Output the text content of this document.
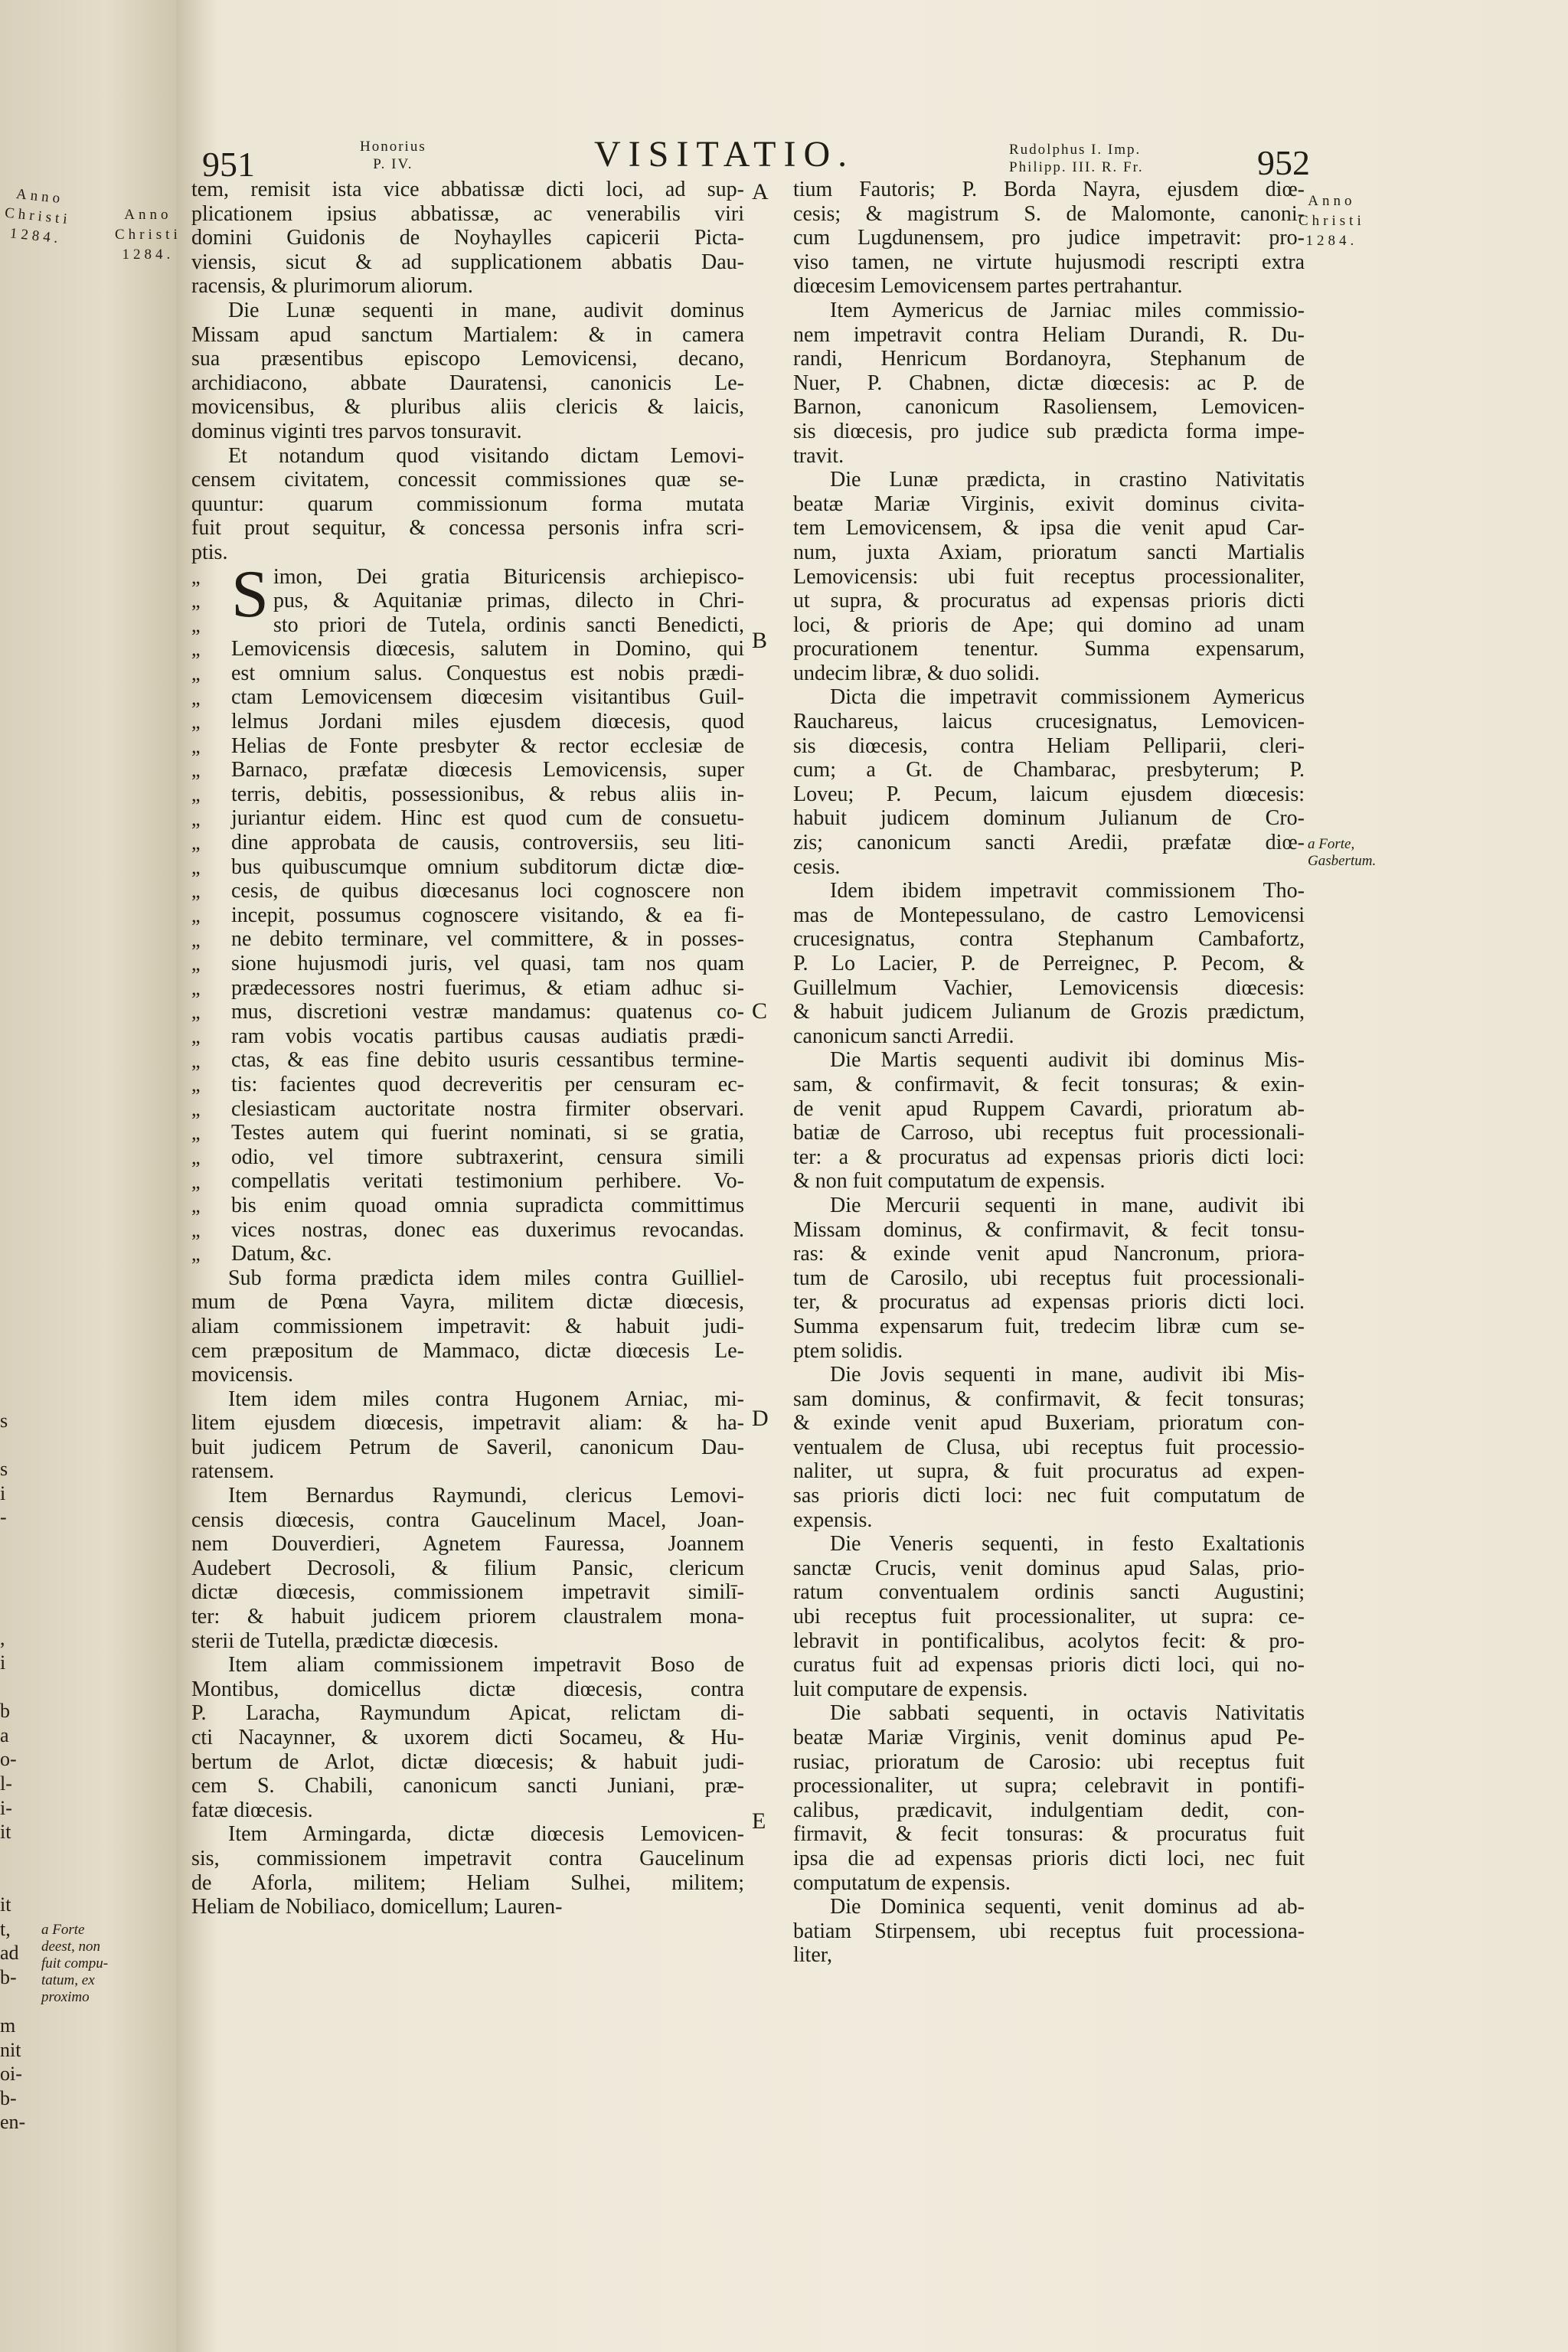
Anno
Christi
1284.
s
s
i
-
,
i
b
a
o-
l-
i-
it
it
t,
ad
b-
m
nit
oi-
b-
en-
a Forte
deest, non
fuit compu-
tatum, ex
proximo
951	Honorius
P. IV.	VISITATIO.	Rudolphus I. Imp.
Philipp. III. R. Fr.	952
Anno
Christi
1284.
Anno
Christi
1284.
A
B
C
D
E
a Forte,
Gasbertum.

tem, remisit ista vice abbatissæ dicti loci, ad sup-
plicationem ipsius abbatissæ, ac venerabilis viri
domini Guidonis de Noyhaylles capicerii Picta-
viensis, sicut & ad supplicationem abbatis Dau-
racensis, & plurimorum aliorum.

Die Lunæ sequenti in mane, audivit dominus
Missam apud sanctum Martialem: & in camera
sua præsentibus episcopo Lemovicensi, decano,
archidiacono, abbate Dauratensi, canonicis Le-
movicensibus, & pluribus aliis clericis & laicis,
dominus viginti tres parvos tonsuravit.

Et notandum quod visitando dictam Lemovi-
censem civitatem, concessit commissiones quæ se-
quuntur: quarum commissionum forma mutata
fuit prout sequitur, & concessa personis infra scri-
ptis.

„
„
„
„
„
„
„
„
„
„
„
„
„
„
„
„
„
„
„
„
„
„
„
„
„
„
„
„
„
S imon, Dei gratia Bituricensis archiepisco-
pus, & Aquitaniæ primas, dilecto in Chri-
sto priori de Tutela, ordinis sancti Benedicti,
Lemovicensis diœcesis, salutem in Domino, qui
est omnium salus. Conquestus est nobis prædi-
ctam Lemovicensem diœcesim visitantibus Guil-
lelmus Jordani miles ejusdem diœcesis, quod
Helias de Fonte presbyter & rector ecclesiæ de
Barnaco, præfatæ diœcesis Lemovicensis, super
terris, debitis, possessionibus, & rebus aliis in-
juriantur eidem. Hinc est quod cum de consuetu-
dine approbata de causis, controversiis, seu liti-
bus quibuscumque omnium subditorum dictæ diœ-
cesis, de quibus diœcesanus loci cognoscere non
incepit, possumus cognoscere visitando, & ea fi-
ne debito terminare, vel committere, & in posses-
sione hujusmodi juris, vel quasi, tam nos quam
prædecessores nostri fuerimus, & etiam adhuc si-
mus, discretioni vestræ mandamus: quatenus co-
ram vobis vocatis partibus causas audiatis prædi-
ctas, & eas fine debito usuris cessantibus termine-
tis: facientes quod decreveritis per censuram ec-
clesiasticam auctoritate nostra firmiter observari.
Testes autem qui fuerint nominati, si se gratia,
odio, vel timore subtraxerint, censura simili
compellatis veritati testimonium perhibere. Vo-
bis enim quoad omnia supradicta committimus
vices nostras, donec eas duxerimus revocandas.
Datum, &c.

Sub forma prædicta idem miles contra Guilliel-
mum de Pœna Vayra, militem dictæ diœcesis,
aliam commissionem impetravit: & habuit judi-
cem præpositum de Mammaco, dictæ diœcesis Le-
movicensis.

Item idem miles contra Hugonem Arniac, mi-
litem ejusdem diœcesis, impetravit aliam: & ha-
buit judicem Petrum de Saveril, canonicum Dau-
ratensem.

Item Bernardus Raymundi, clericus Lemovi-
censis diœcesis, contra Gaucelinum Macel, Joan-
nem Douverdieri, Agnetem Fauressa, Joannem
Audebert Decrosoli, & filium Pansic, clericum
dictæ diœcesis, commissionem impetravit similī-
ter: & habuit judicem priorem claustralem mona-
sterii de Tutella, prædictæ diœcesis.

Item aliam commissionem impetravit Boso de
Montibus, domicellus dictæ diœcesis, contra
P. Laracha, Raymundum Apicat, relictam di-
cti Nacaynner, & uxorem dicti Socameu, & Hu-
bertum de Arlot, dictæ diœcesis; & habuit judi-
cem S. Chabili, canonicum sancti Juniani, præ-
fatæ diœcesis.

Item Armingarda, dictæ diœcesis Lemovicen-
sis, commissionem impetravit contra Gaucelinum
de Aforla, militem; Heliam Sulhei, militem;
Heliam de Nobiliaco, domicellum; Lauren-

tium Fautoris; P. Borda Nayra, ejusdem diœ-
cesis; & magistrum S. de Malomonte, canoni-
cum Lugdunensem, pro judice impetravit: pro-
viso tamen, ne virtute hujusmodi rescripti extra
diœcesim Lemovicensem partes pertrahantur.

Item Aymericus de Jarniac miles commissio-
nem impetravit contra Heliam Durandi, R. Du-
randi, Henricum Bordanoyra, Stephanum de
Nuer, P. Chabnen, dictæ diœcesis: ac P. de
Barnon, canonicum Rasoliensem, Lemovicen-
sis diœcesis, pro judice sub prædicta forma impe-
travit.

Die Lunæ prædicta, in crastino Nativitatis
beatæ Mariæ Virginis, exivit dominus civita-
tem Lemovicensem, & ipsa die venit apud Car-
num, juxta Axiam, prioratum sancti Martialis
Lemovicensis: ubi fuit receptus processionaliter,
ut supra, & procuratus ad expensas prioris dicti
loci, & prioris de Ape; qui domino ad unam
procurationem tenentur. Summa expensarum,
undecim libræ, & duo solidi.

Dicta die impetravit commissionem Aymericus
Rauchareus, laicus crucesignatus, Lemovicen-
sis diœcesis, contra Heliam Pelliparii, cleri-
cum; a Gt. de Chambarac, presbyterum; P.
Loveu; P. Pecum, laicum ejusdem diœcesis:
habuit judicem dominum Julianum de Cro-
zis; canonicum sancti Aredii, præfatæ diœ-
cesis.

Idem ibidem impetravit commissionem Tho-
mas de Montepessulano, de castro Lemovicensi
crucesignatus, contra Stephanum Cambafortz,
P. Lo Lacier, P. de Perreignec, P. Pecom, &
Guillelmum Vachier, Lemovicensis diœcesis:
& habuit judicem Julianum de Grozis prædictum,
canonicum sancti Arredii.

Die Martis sequenti audivit ibi dominus Mis-
sam, & confirmavit, & fecit tonsuras; & exin-
de venit apud Ruppem Cavardi, prioratum ab-
batiæ de Carroso, ubi receptus fuit processionali-
ter: a & procuratus ad expensas prioris dicti loci:
& non fuit computatum de expensis.

Die Mercurii sequenti in mane, audivit ibi
Missam dominus, & confirmavit, & fecit tonsu-
ras: & exinde venit apud Nancronum, priora-
tum de Carosilo, ubi receptus fuit processionali-
ter, & procuratus ad expensas prioris dicti loci.
Summa expensarum fuit, tredecim libræ cum se-
ptem solidis.

Die Jovis sequenti in mane, audivit ibi Mis-
sam dominus, & confirmavit, & fecit tonsuras;
& exinde venit apud Buxeriam, prioratum con-
ventualem de Clusa, ubi receptus fuit processio-
naliter, ut supra, & fuit procuratus ad expen-
sas prioris dicti loci: nec fuit computatum de
expensis.

Die Veneris sequenti, in festo Exaltationis
sanctæ Crucis, venit dominus apud Salas, prio-
ratum conventualem ordinis sancti Augustini;
ubi receptus fuit processionaliter, ut supra: ce-
lebravit in pontificalibus, acolytos fecit: & pro-
curatus fuit ad expensas prioris dicti loci, qui no-
luit computare de expensis.

Die sabbati sequenti, in octavis Nativitatis
beatæ Mariæ Virginis, venit dominus apud Pe-
rusiac, prioratum de Carosio: ubi receptus fuit
processionaliter, ut supra; celebravit in pontifi-
calibus, prædicavit, indulgentiam dedit, con-
firmavit, & fecit tonsuras: & procuratus fuit
ipsa die ad expensas prioris dicti loci, nec fuit
computatum de expensis.

Die Dominica sequenti, venit dominus ad ab-
batiam Stirpensem, ubi receptus fuit processiona-
liter,
